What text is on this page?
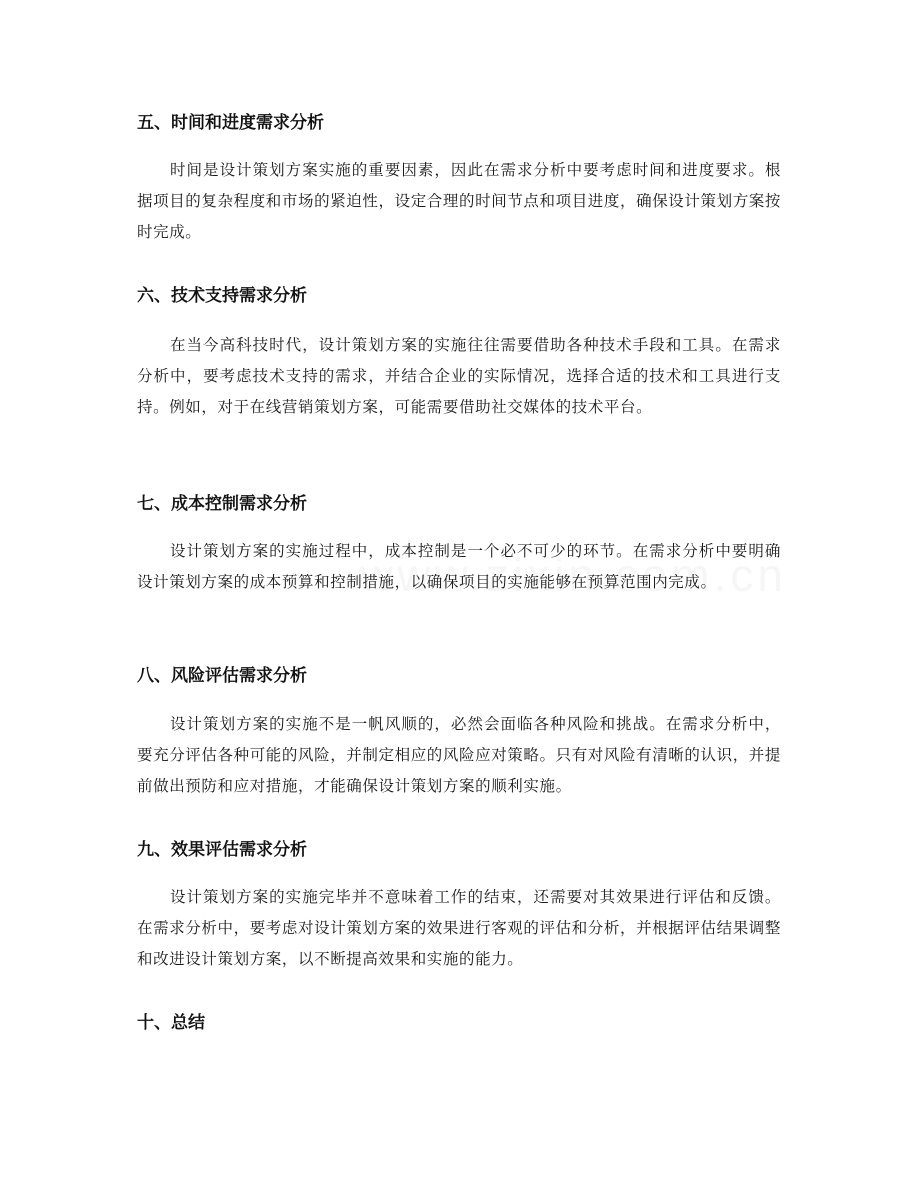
五、时间和进度需求分析

时间是设计策划方案实施的重要因素，因此在需求分析中要考虑时间和进度要求。根据项目的复杂程度和市场的紧迫性，设定合理的时间节点和项目进度，确保设计策划方案按时完成。

六、技术支持需求分析

在当今高科技时代，设计策划方案的实施往往需要借助各种技术手段和工具。在需求分析中，要考虑技术支持的需求，并结合企业的实际情况，选择合适的技术和工具进行支持。例如，对于在线营销策划方案，可能需要借助社交媒体的技术平台。

七、成本控制需求分析

设计策划方案的实施过程中，成本控制是一个必不可少的环节。在需求分析中要明确设计策划方案的成本预算和控制措施，以确保项目的实施能够在预算范围内完成。

八、风险评估需求分析

设计策划方案的实施不是一帆风顺的，必然会面临各种风险和挑战。在需求分析中，要充分评估各种可能的风险，并制定相应的风险应对策略。只有对风险有清晰的认识，并提前做出预防和应对措施，才能确保设计策划方案的顺利实施。

九、效果评估需求分析

设计策划方案的实施完毕并不意味着工作的结束，还需要对其效果进行评估和反馈。在需求分析中，要考虑对设计策划方案的效果进行客观的评估和分析，并根据评估结果调整和改进设计策划方案，以不断提高效果和实施的能力。

十、总结
